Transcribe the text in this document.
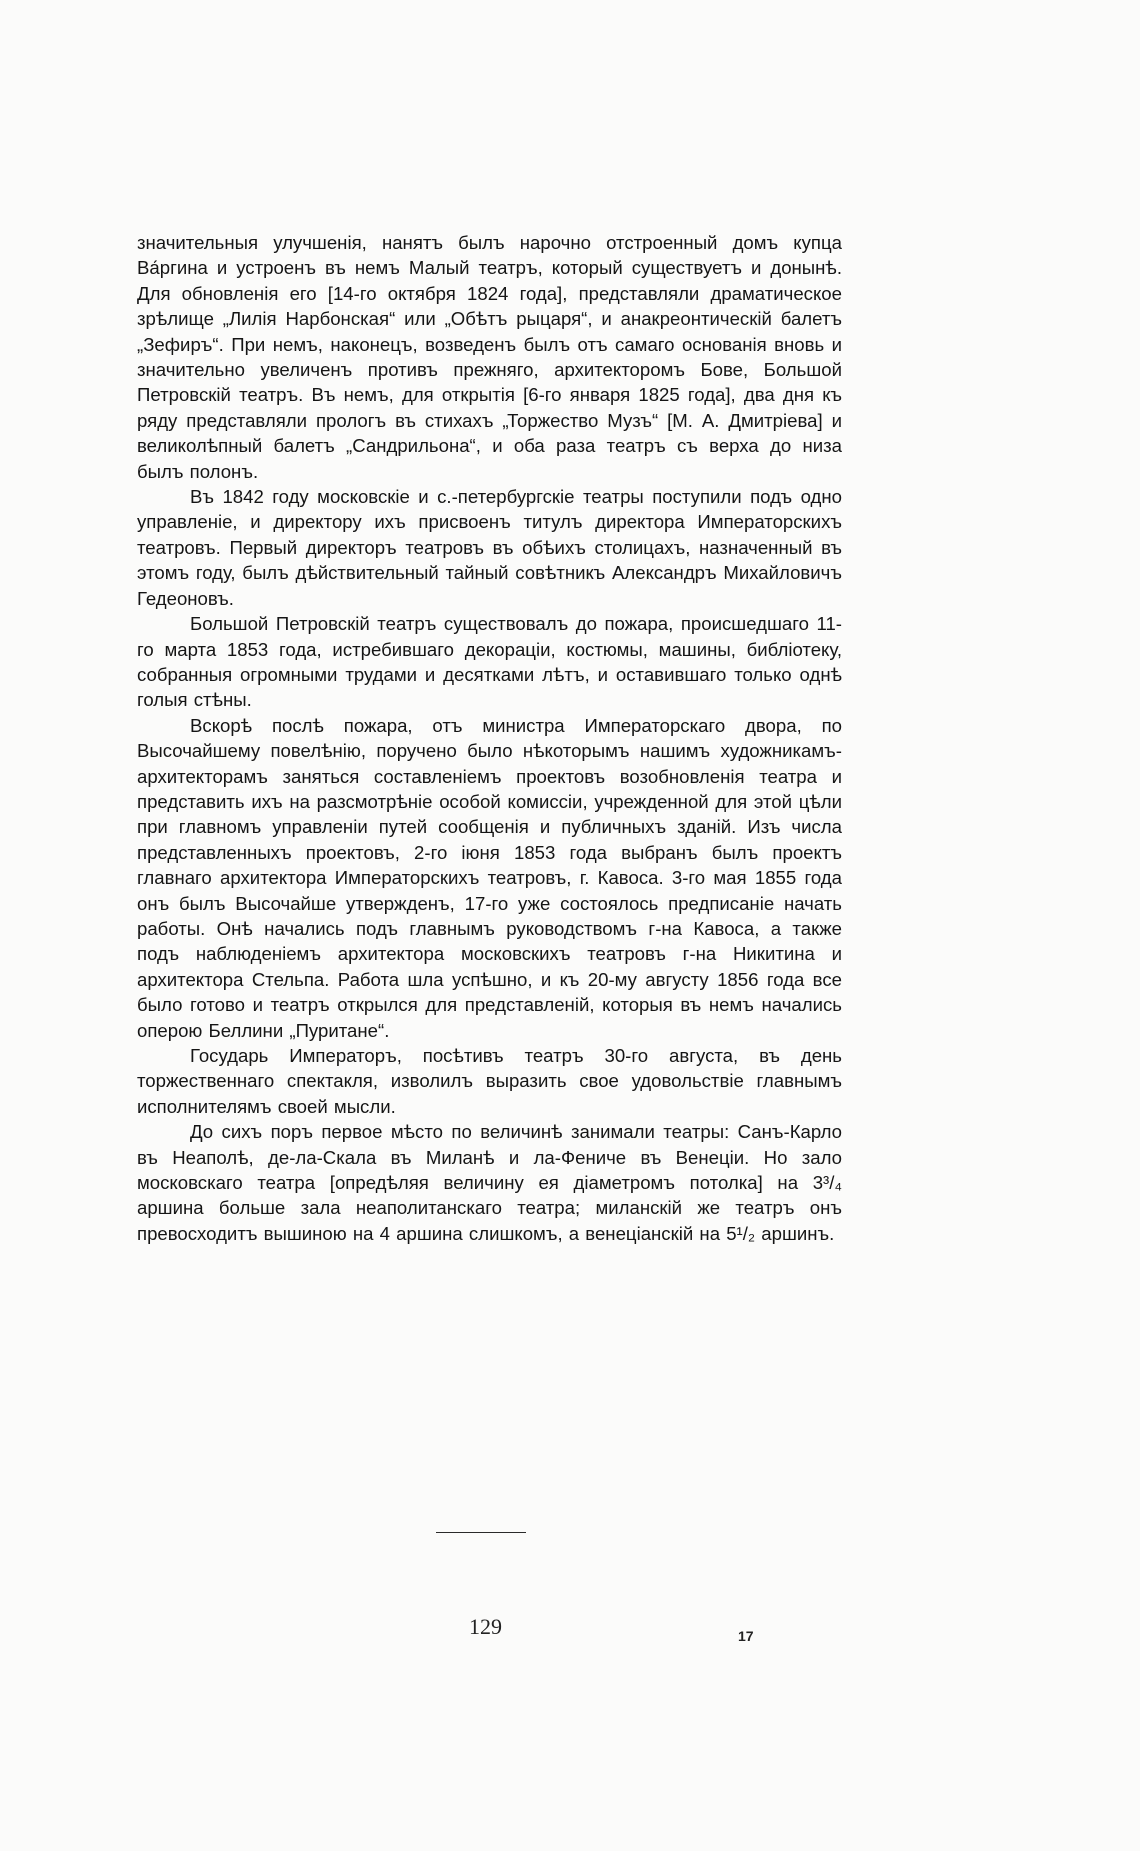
значительныя улучшенія, нанятъ былъ нарочно отстроенный домъ купца Ва́ргина и устроенъ въ немъ Малый театръ, который существуетъ и донынѣ. Для обновленія его [14-го октября 1824 года], представляли драматическое зрѣлище „Лилія Нарбонская“ или „Обѣтъ рыцаря“, и анакреонтическій балетъ „Зефиръ“. При немъ, наконецъ, возведенъ былъ отъ самаго основанія вновь и значительно увеличенъ противъ прежняго, архитекторомъ Бове, Большой Петровскій театръ. Въ немъ, для открытія [6-го января 1825 года], два дня къ ряду представляли прологъ въ стихахъ „Торжество Музъ“ [М. А. Дмитріева] и великолѣпный балетъ „Сандрильона“, и оба раза театръ съ верха до низа былъ полонъ.

Въ 1842 году московскіе и с.-петербургскіе театры поступили подъ одно управленіе, и директору ихъ присвоенъ титулъ директора Императорскихъ театровъ. Первый директоръ театровъ въ обѣихъ столицахъ, назначенный въ этомъ году, былъ дѣйствительный тайный совѣтникъ Александръ Михайловичъ Гедеоновъ.

Большой Петровскій театръ существовалъ до пожара, происшедшаго 11-го марта 1853 года, истребившаго декораціи, костюмы, машины, библіотеку, собранныя огромными трудами и десятками лѣтъ, и оставившаго только однѣ голыя стѣны.

Вскорѣ послѣ пожара, отъ министра Императорскаго двора, по Высочайшему повелѣнію, поручено было нѣкоторымъ нашимъ художникамъ-архитекторамъ заняться составленіемъ проектовъ возобновленія театра и представить ихъ на разсмотрѣніе особой комиссіи, учрежденной для этой цѣли при главномъ управленіи путей сообщенія и публичныхъ зданій. Изъ числа представленныхъ проектовъ, 2-го іюня 1853 года выбранъ былъ проектъ главнаго архитектора Императорскихъ театровъ, г. Кавоса. 3-го мая 1855 года онъ былъ Высочайше утвержденъ, 17-го уже состоялось предписаніе начать работы. Онѣ начались подъ главнымъ руководствомъ г-на Кавоса, а также подъ наблюденіемъ архитектора московскихъ театровъ г-на Никитина и архитектора Стельпа. Работа шла успѣшно, и къ 20-му августу 1856 года все было готово и театръ открылся для представленій, которыя въ немъ начались оперою Беллини „Пуритане“.

Государь Императоръ, посѣтивъ театръ 30-го августа, въ день торжественнаго спектакля, изволилъ выразить свое удовольствіе главнымъ исполнителямъ своей мысли.

До сихъ поръ первое мѣсто по величинѣ занимали театры: Санъ-Карло въ Неаполѣ, де-ла-Скала въ Миланѣ и ла-Фениче въ Венеціи. Но зало московскаго театра [опредѣляя величину ея діаметромъ потолка] на 3³/₄ аршина больше зала неаполитанскаго театра; миланскій же театръ онъ превосходитъ вышиною на 4 аршина слишкомъ, а венеціанскій на 5¹/₂ аршинъ.

129	17
